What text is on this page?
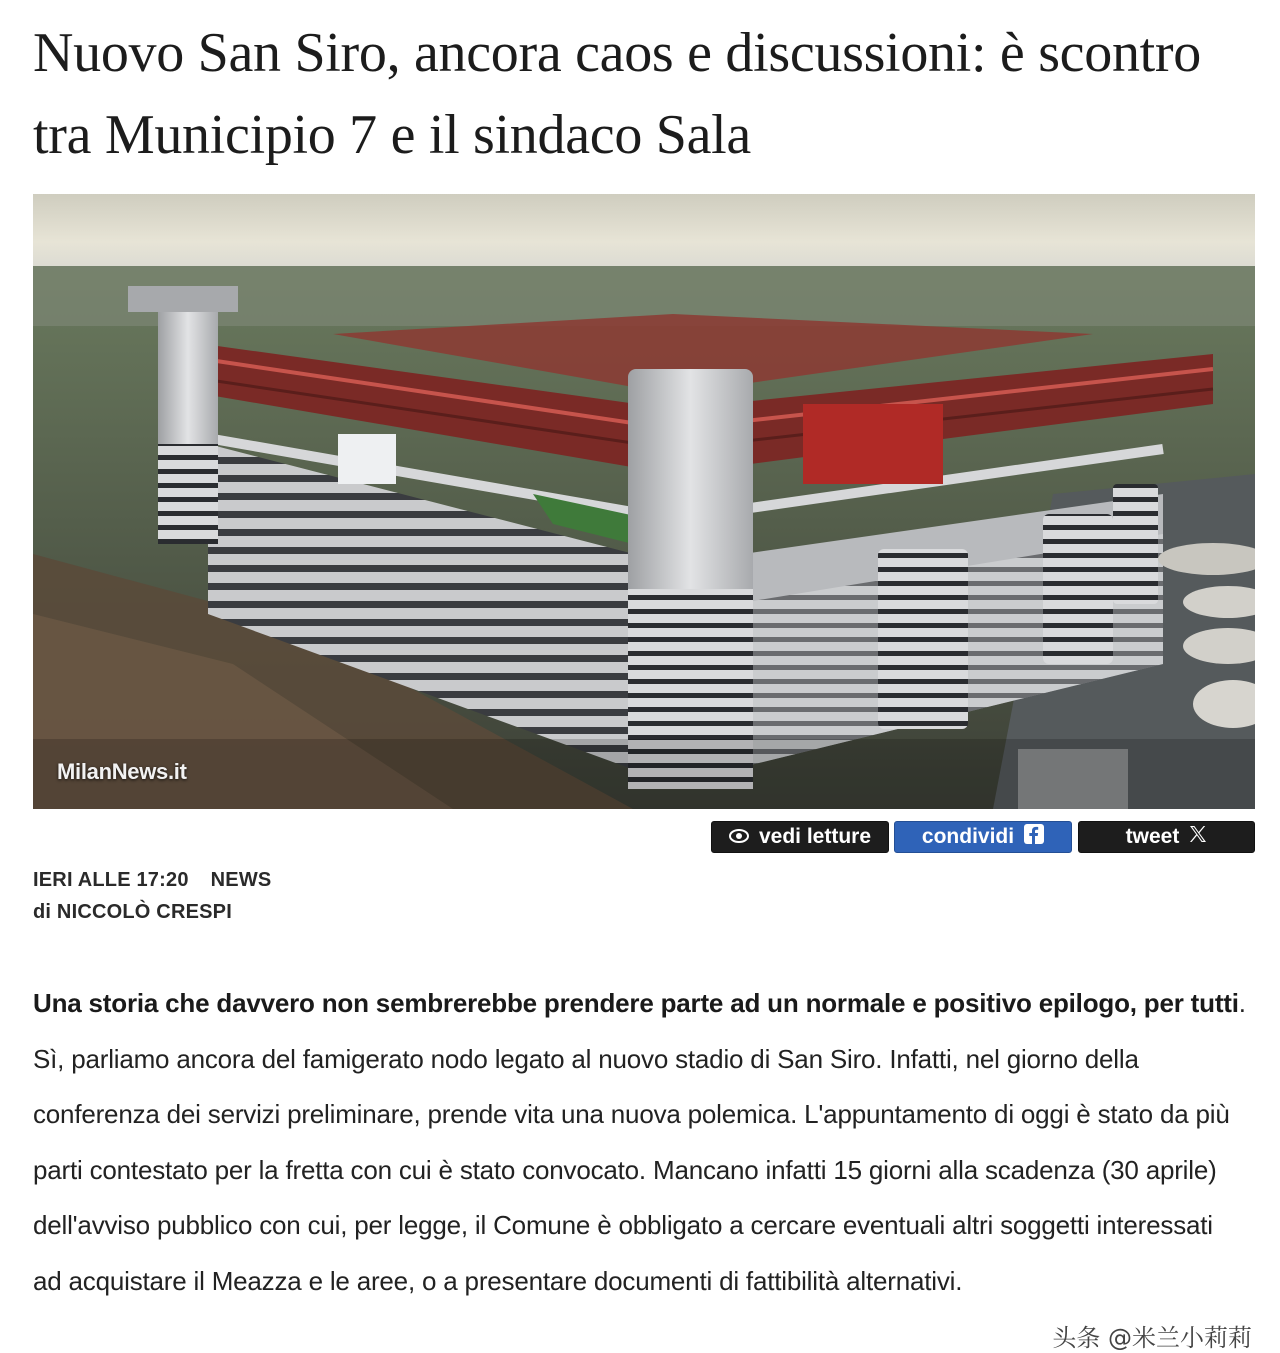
Nuovo San Siro, ancora caos e discussioni: è scontro tra Municipio 7 e il sindaco Sala
MilanNews.it
vedi letture condividi	tweet
IERI ALLE 17:20 NEWS
di NICCOLÒ CRESPI

Una storia che davvero non sembrerebbe prendere parte ad un normale e positivo epilogo, per tutti. Sì, parliamo ancora del famigerato nodo legato al nuovo stadio di San Siro. Infatti, nel giorno della conferenza dei servizi preliminare, prende vita una nuova polemica. L'appuntamento di oggi è stato da più parti contestato per la fretta con cui è stato convocato. Mancano infatti 15 giorni alla scadenza (30 aprile) dell'avviso pubblico con cui, per legge, il Comune è obbligato a cercare eventuali altri soggetti interessati ad acquistare il Meazza e le aree, o a presentare documenti di fattibilità alternativi.

头条 @米兰小莉莉
